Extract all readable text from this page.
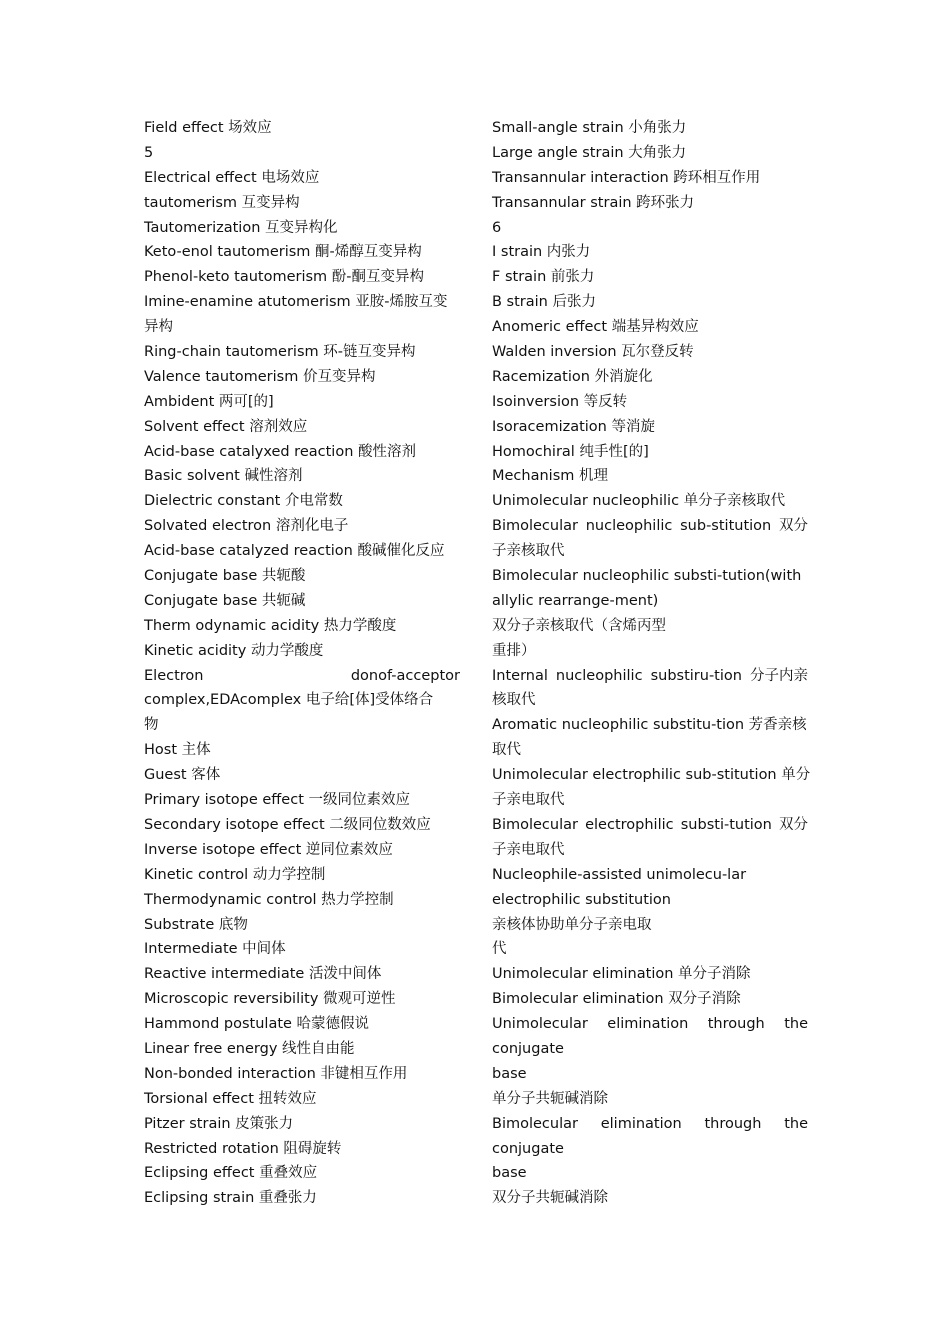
Field effect 场效应
5
Electrical effect 电场效应
tautomerism 互变异构
Tautomerization 互变异构化
Keto-enol tautomerism 酮-烯醇互变异构
Phenol-keto tautomerism 酚-酮互变异构
Imine-enamine atutomerism 亚胺-烯胺互变
异构
Ring-chain tautomerism 环-链互变异构
Valence tautomerism 价互变异构
Ambident 两可[的]
Solvent effect 溶剂效应
Acid-base catalyxed reaction 酸性溶剂
Basic solvent 碱性溶剂
Dielectric constant 介电常数
Solvated electron 溶剂化电子
Acid-base catalyzed reaction 酸碱催化反应
Conjugate base 共轭酸
Conjugate base 共轭碱
Therm odynamic acidity 热力学酸度
Kinetic acidity 动力学酸度
Electron	donof-acceptor
complex,EDAcomplex 电子给[体]受体络合
物
Host 主体
Guest 客体
Primary isotope effect 一级同位素效应
Secondary isotope effect 二级同位数效应
Inverse isotope effect 逆同位素效应
Kinetic control 动力学控制
Thermodynamic control 热力学控制
Substrate 底物
Intermediate 中间体
Reactive intermediate 活泼中间体
Microscopic reversibility 微观可逆性
Hammond postulate 哈蒙德假说
Linear free energy 线性自由能
Non-bonded interaction 非键相互作用
Torsional effect 扭转效应
Pitzer strain 皮策张力
Restricted rotation 阻碍旋转
Eclipsing effect 重叠效应
Eclipsing strain 重叠张力
Small-angle strain 小角张力
Large angle strain 大角张力
Transannular interaction 跨环相互作用
Transannular strain 跨环张力
6
I strain 内张力
F strain 前张力
B strain 后张力
Anomeric effect 端基异构效应
Walden inversion 瓦尔登反转
Racemization 外消旋化
Isoinversion 等反转
Isoracemization 等消旋
Homochiral 纯手性[的]
Mechanism 机理
Unimolecular nucleophilic 单分子亲核取代
Bimolecular nucleophilic sub-stitution 双分
子亲核取代
Bimolecular nucleophilic substi-tution(with
allylic rearrange-ment)
双分子亲核取代（含烯丙型
重排）
Internal nucleophilic substiru-tion 分子内亲
核取代
Aromatic nucleophilic substitu-tion 芳香亲核
取代
Unimolecular electrophilic sub-stitution 单分
子亲电取代
Bimolecular electrophilic substi-tution 双分
子亲电取代
Nucleophile-assisted unimolecu-lar
electrophilic substitution
亲核体协助单分子亲电取
代
Unimolecular elimination 单分子消除
Bimolecular elimination 双分子消除
Unimolecular elimination through the
conjugate
base
单分子共轭碱消除
Bimolecular elimination through the
conjugate
base
双分子共轭碱消除
